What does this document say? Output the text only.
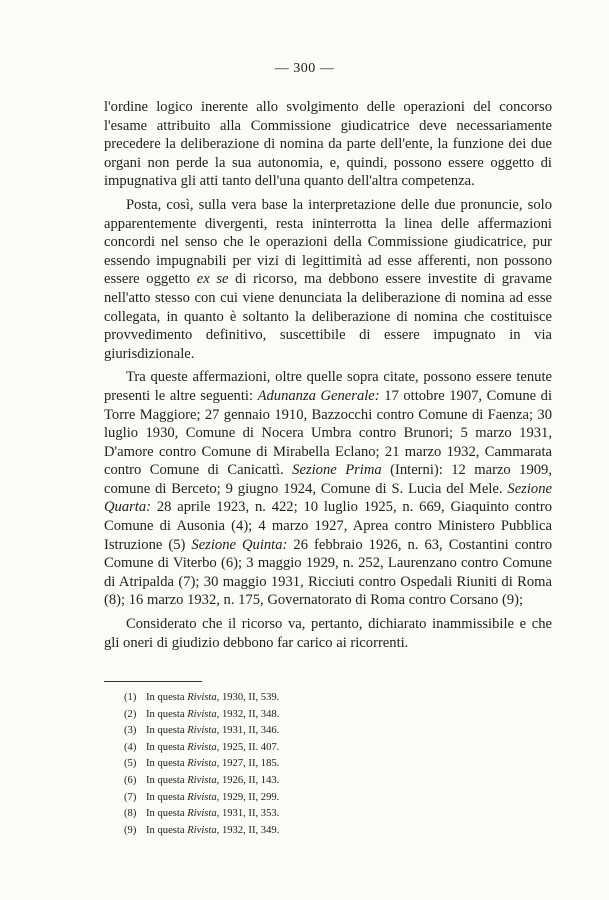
— 300 —

l'ordine logico inerente allo svolgimento delle operazioni del concorso l'esame attribuito alla Commissione giudicatrice deve necessariamente precedere la deliberazione di nomina da parte dell'ente, la funzione dei due organi non perde la sua autonomia, e, quindi, possono essere oggetto di impugnativa gli atti tanto dell'una quanto dell'altra competenza.

Posta, così, sulla vera base la interpretazione delle due pronuncie, solo apparentemente divergenti, resta ininterrotta la linea delle affermazioni concordi nel senso che le operazioni della Commissione giudicatrice, pur essendo impugnabili per vizi di legittimità ad esse afferenti, non possono essere oggetto ex se di ricorso, ma debbono essere investite di gravame nell'atto stesso con cui viene denunciata la deliberazione di nomina ad esse collegata, in quanto è soltanto la deliberazione di nomina che costituisce provvedimento definitivo, suscettibile di essere impugnato in via giurisdizionale.

Tra queste affermazioni, oltre quelle sopra citate, possono essere tenute presenti le altre seguenti: Adunanza Generale: 17 ottobre 1907, Comune di Torre Maggiore; 27 gennaio 1910, Bazzocchi contro Comune di Faenza; 30 luglio 1930, Comune di Nocera Umbra contro Brunori; 5 marzo 1931, D'amore contro Comune di Mirabella Eclano; 21 marzo 1932, Cammarata contro Comune di Canicattì. Sezione Prima (Interni): 12 marzo 1909, comune di Berceto; 9 giugno 1924, Comune di S. Lucia del Mele. Sezione Quarta: 28 aprile 1923, n. 422; 10 luglio 1925, n. 669, Giaquinto contro Comune di Ausonia (4); 4 marzo 1927, Aprea contro Ministero Pubblica Istruzione (5) Sezione Quinta: 26 febbraio 1926, n. 63, Costantini contro Comune di Viterbo (6); 3 maggio 1929, n. 252, Laurenzano contro Comune di Atripalda (7); 30 maggio 1931, Ricciuti contro Ospedali Riuniti di Roma (8); 16 marzo 1932, n. 175, Governatorato di Roma contro Corsano (9);

Considerato che il ricorso va, pertanto, dichiarato inammissibile e che gli oneri di giudizio debbono far carico ai ricorrenti.

(1) In questa Rivista, 1930, II, 539.
(2) In questa Rivista, 1932, II, 348.
(3) In questa Rivista, 1931, II, 346.
(4) In questa Rivista, 1925, II. 407.
(5) In questa Rivista, 1927, II, 185.
(6) In questa Rivista, 1926, II, 143.
(7) In questa Rivista, 1929, II, 299.
(8) In questa Rivista, 1931, II, 353.
(9) In questa Rivista, 1932, II, 349.
